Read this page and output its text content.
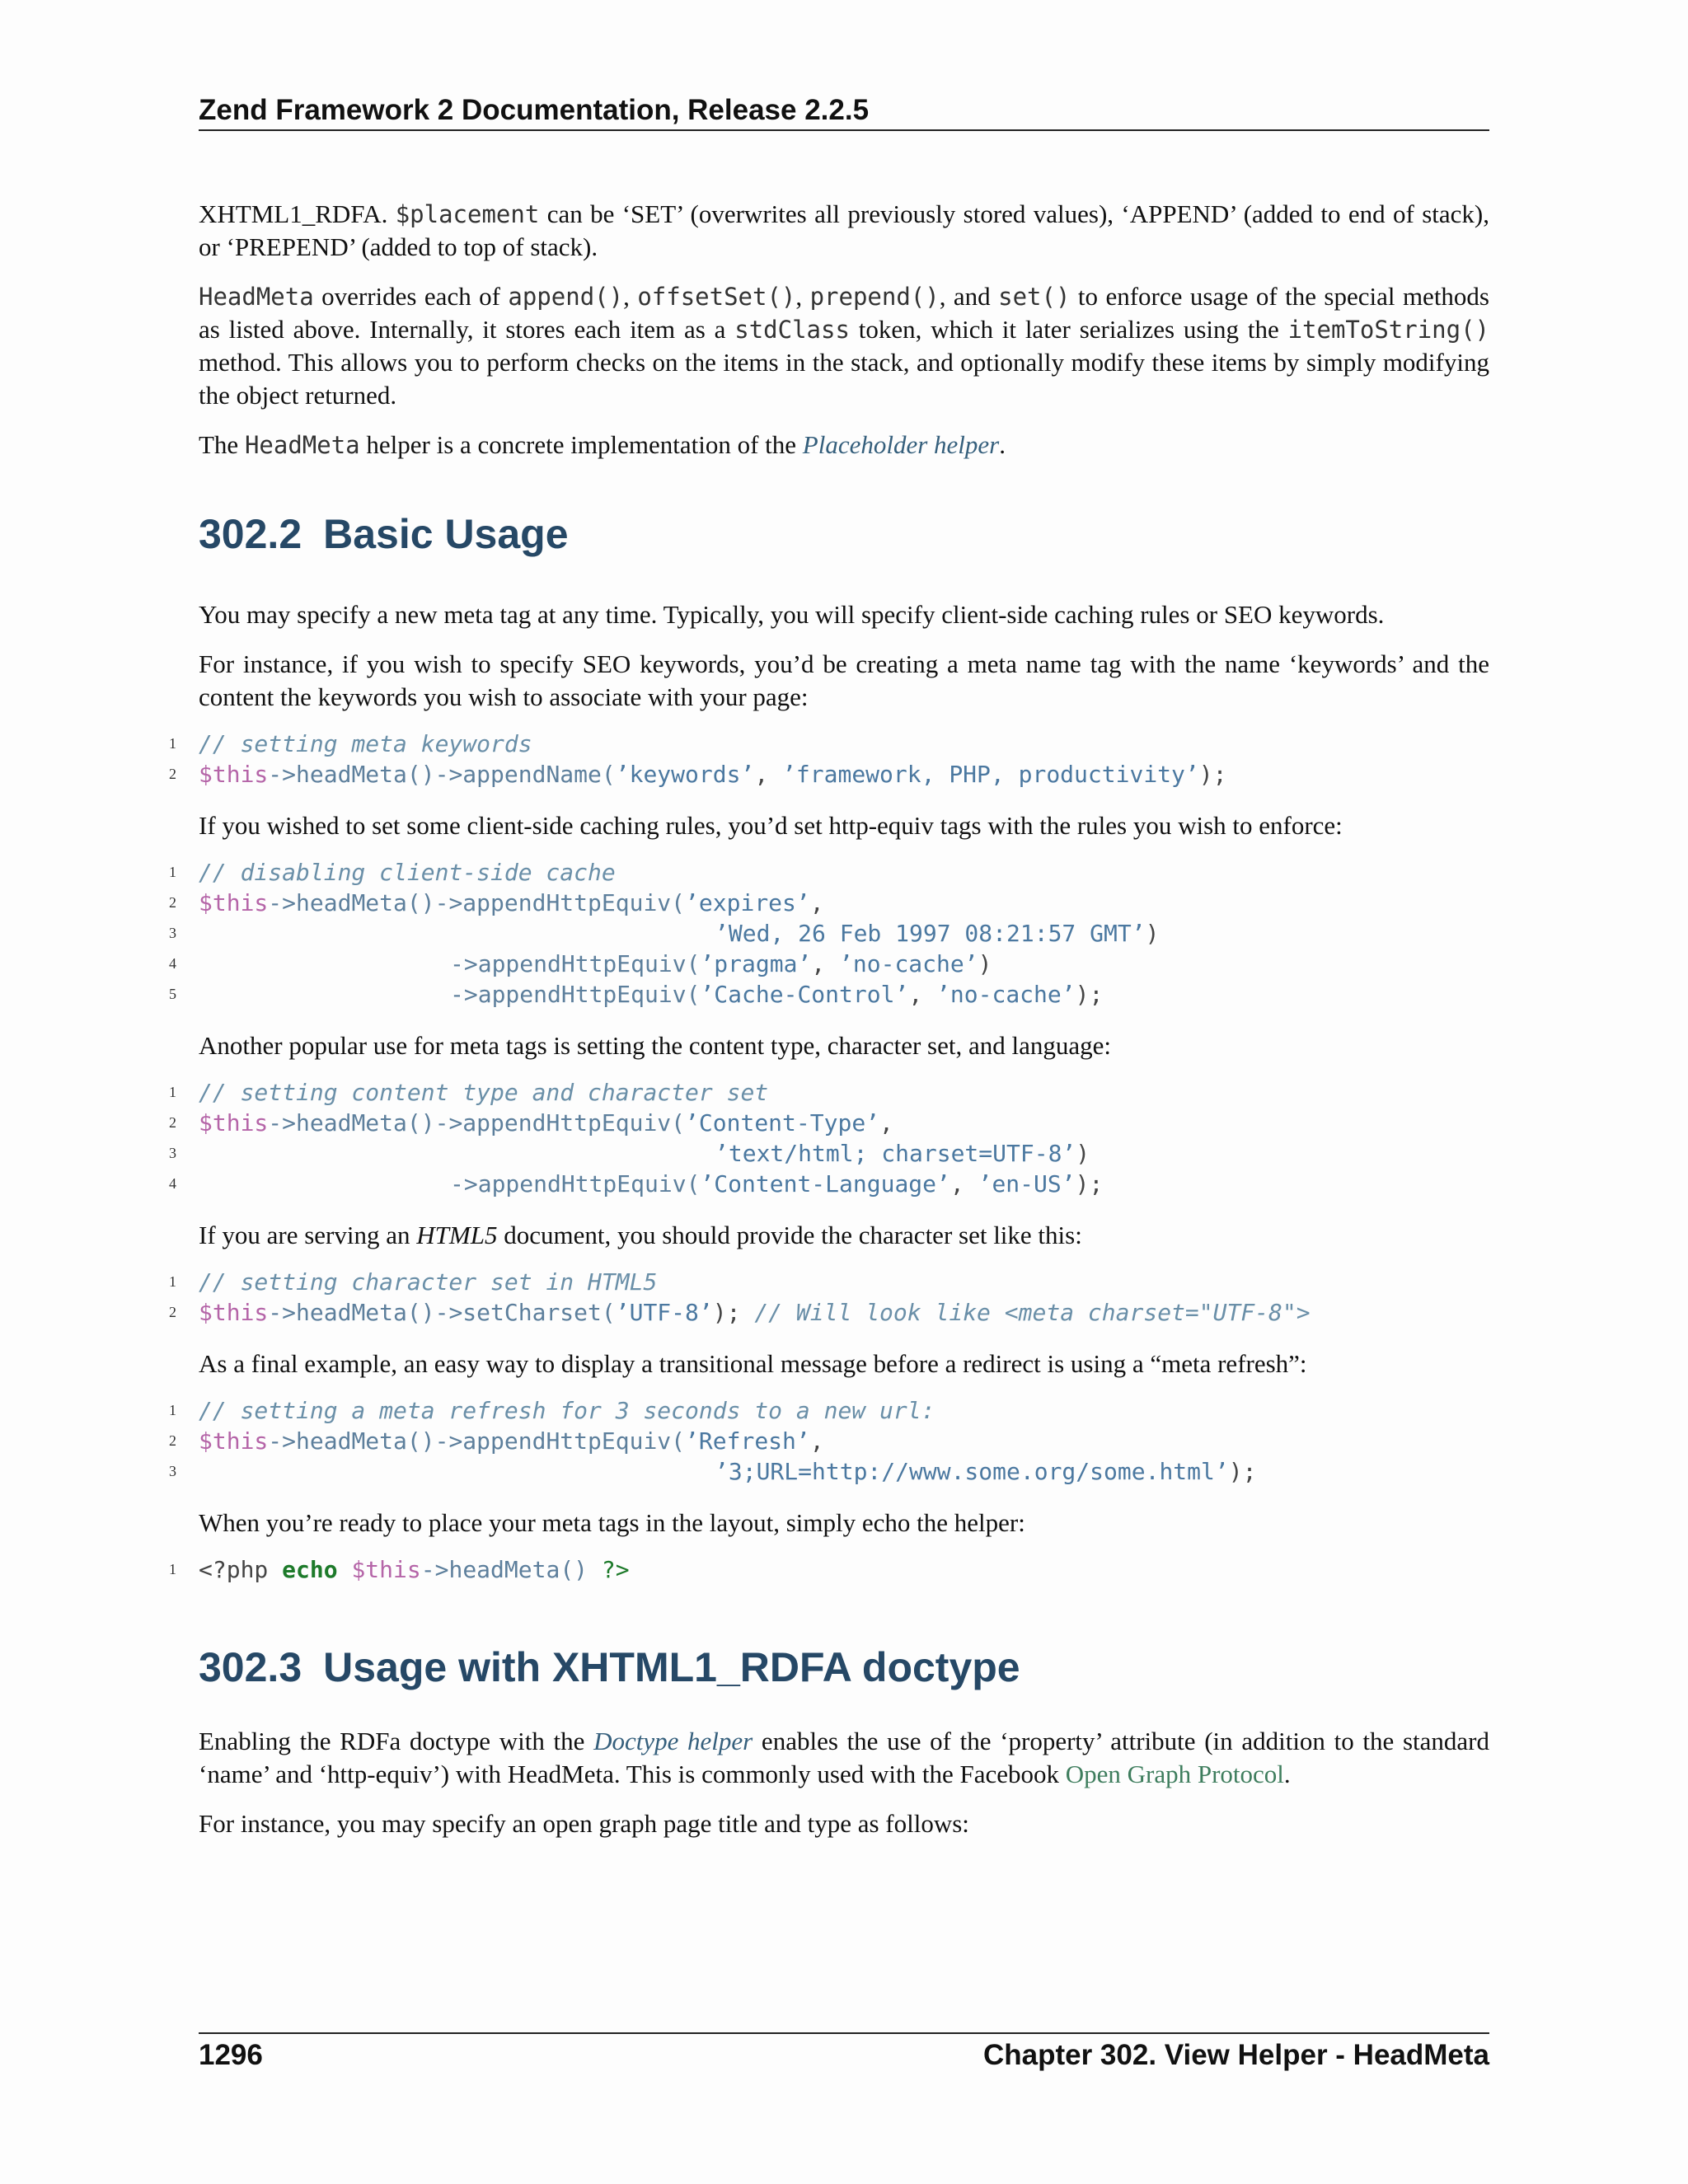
Zend Framework 2 Documentation, Release 2.2.5

XHTML1_RDFA. $placement can be ‘SET’ (overwrites all previously stored values), ‘APPEND’ (added to end of stack), or ‘PREPEND’ (added to top of stack).

HeadMeta overrides each of append(), offsetSet(), prepend(), and set() to enforce usage of the special methods as listed above. Internally, it stores each item as a stdClass token, which it later serializes using the itemToString() method. This allows you to perform checks on the items in the stack, and optionally modify these items by simply modifying the object returned.

The HeadMeta helper is a concrete implementation of the Placeholder helper.

302.2 Basic Usage

You may specify a new meta tag at any time. Typically, you will specify client-side caching rules or SEO keywords.

For instance, if you wish to specify SEO keywords, you’d be creating a meta name tag with the name ‘keywords’ and the content the keywords you wish to associate with your page:

1 // setting meta keywords
2 $this->headMeta()->appendName(’keywords’, ’framework, PHP, productivity’);

If you wished to set some client-side caching rules, you’d set http-equiv tags with the rules you wish to enforce:

1 // disabling client-side cache
2 $this->headMeta()->appendHttpEquiv(’expires’,
3	’Wed, 26 Feb 1997 08:21:57 GMT’)
4	->appendHttpEquiv(’pragma’, ’no-cache’)
5	->appendHttpEquiv(’Cache-Control’, ’no-cache’);

Another popular use for meta tags is setting the content type, character set, and language:

1 // setting content type and character set
2 $this->headMeta()->appendHttpEquiv(’Content-Type’,
3	’text/html; charset=UTF-8’)
4	->appendHttpEquiv(’Content-Language’, ’en-US’);

If you are serving an HTML5 document, you should provide the character set like this:

1 // setting character set in HTML5
2 $this->headMeta()->setCharset(’UTF-8’); // Will look like <meta charset="UTF-8">

As a final example, an easy way to display a transitional message before a redirect is using a “meta refresh”:

1 // setting a meta refresh for 3 seconds to a new url:
2 $this->headMeta()->appendHttpEquiv(’Refresh’,
3	’3;URL=http://www.some.org/some.html’);

When you’re ready to place your meta tags in the layout, simply echo the helper:

1 <?php echo $this->headMeta() ?>
302.3 Usage with XHTML1_RDFA doctype

Enabling the RDFa doctype with the Doctype helper enables the use of the ‘property’ attribute (in addition to the standard ‘name’ and ‘http-equiv’) with HeadMeta. This is commonly used with the Facebook Open Graph Protocol.

For instance, you may specify an open graph page title and type as follows:

1296	Chapter 302. View Helper - HeadMeta
